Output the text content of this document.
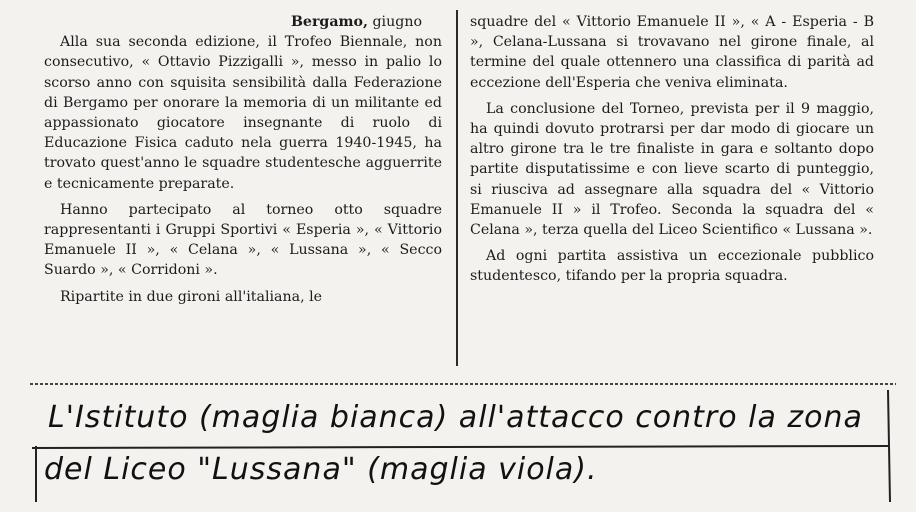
Bergamo, giugno

Alla sua seconda edizione, il Trofeo Biennale, non consecutivo, « Ottavio Pizzigalli », messo in palio lo scorso anno con squisita sensibilità dalla Federazione di Bergamo per onorare la memoria di un militante ed appassionato giocatore insegnante di ruolo di Educazione Fisica caduto nela guerra 1940-1945, ha trovato quest'anno le squadre studentesche agguerrite e tecnicamente preparate.

Hanno partecipato al torneo otto squadre rappresentanti i Gruppi Sportivi « Esperia », « Vittorio Emanuele II », « Celana », « Lussana », « Secco Suardo », « Corridoni ».

Ripartite in due gironi all'italiana, le

squadre del « Vittorio Emanuele II », « A - Esperia - B », Celana-Lussana si trovavano nel girone finale, al termine del quale ottennero una classifica di parità ad eccezione dell'Esperia che veniva eliminata.

La conclusione del Torneo, prevista per il 9 maggio, ha quindi dovuto protrarsi per dar modo di giocare un altro girone tra le tre finaliste in gara e soltanto dopo partite disputatissime e con lieve scarto di punteggio, si riusciva ad assegnare alla squadra del « Vittorio Emanuele II » il Trofeo. Seconda la squadra del « Celana », terza quella del Liceo Scientifico « Lussana ».

Ad ogni partita assistiva un eccezionale pubblico studentesco, tifando per la propria squadra.

L'Istituto (maglia bianca) all'attacco contro la zona
del Liceo "Lussana" (maglia viola).
